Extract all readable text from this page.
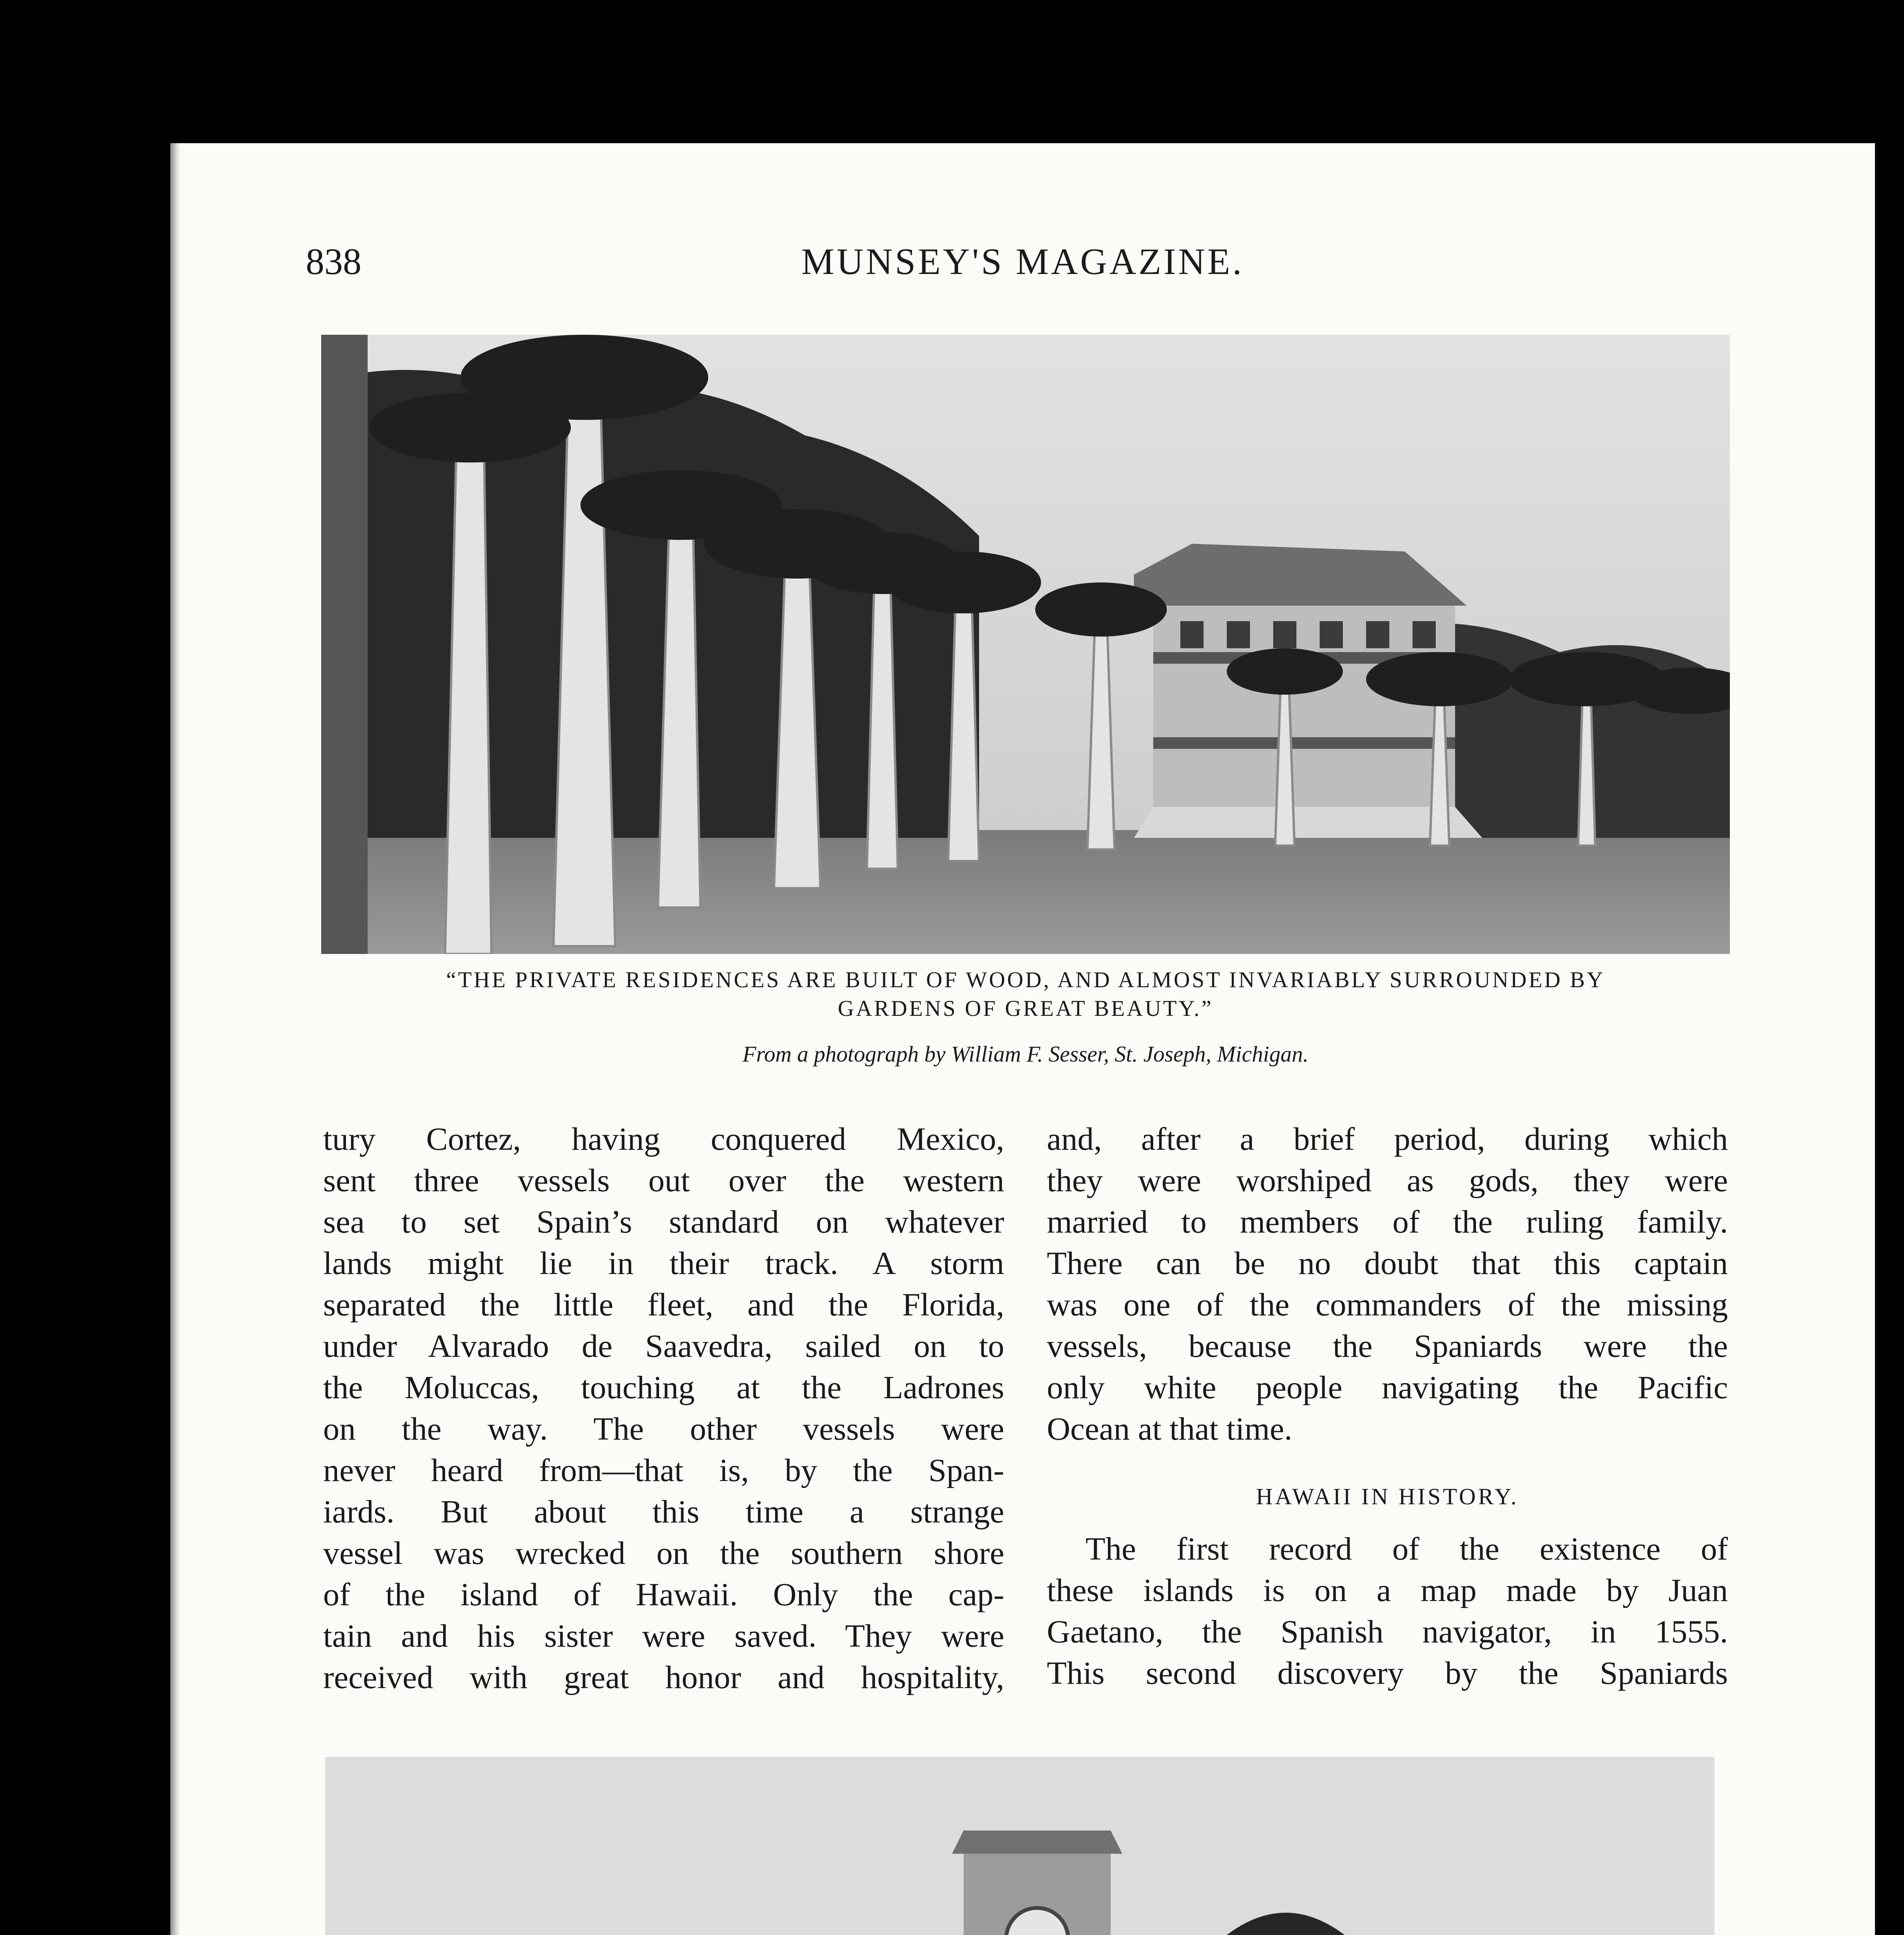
MUNSEY'S MAGAZINE.
838
“THE PRIVATE RESIDENCES ARE BUILT OF WOOD, AND ALMOST INVARIABLY SURROUNDED BY
GARDENS OF GREAT BEAUTY.”
From a photograph by William F. Sesser, St. Joseph, Michigan.
tury Cortez, having conquered Mexico,
sent three vessels out over the western
sea to set Spain’s standard on whatever
lands might lie in their track. A storm
separated the little fleet, and the Florida,
under Alvarado de Saavedra, sailed on to
the Moluccas, touching at the Ladrones
on the way. The other vessels were
never heard from—that is, by the Span-
iards. But about this time a strange
vessel was wrecked on the southern shore
of the island of Hawaii. Only the cap-
tain and his sister were saved. They were
received with great honor and hospitality,
and, after a brief period, during which
they were worshiped as gods, they were
married to members of the ruling family.
There can be no doubt that this captain
was one of the commanders of the missing
vessels, because the Spaniards were the
only white people navigating the Pacific
Ocean at that time.
HAWAII IN HISTORY.
The first record of the existence of
these islands is on a map made by Juan
Gaetano, the Spanish navigator, in 1555.
This second discovery by the Spaniards
